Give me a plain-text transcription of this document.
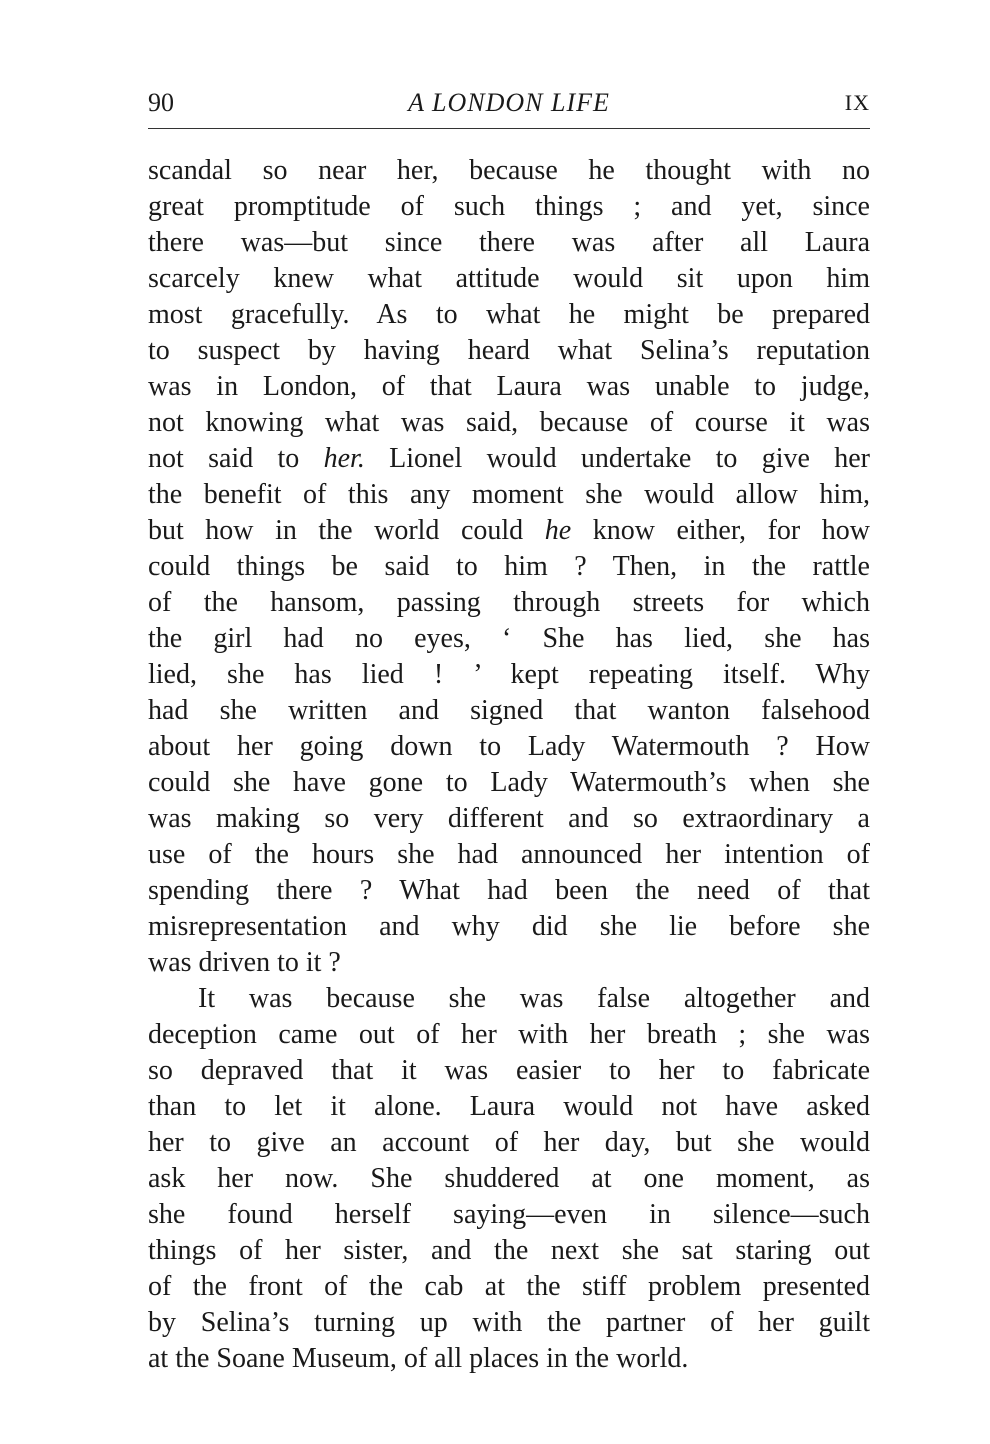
90	A LONDON LIFE	IX
scandal so near her, because he thought with no
great promptitude of such things ; and yet, since
there was—but since there was after all Laura
scarcely knew what attitude would sit upon him
most gracefully. As to what he might be prepared
to suspect by having heard what Selina’s reputation
was in London, of that Laura was unable to judge,
not knowing what was said, because of course it was
not said to her. Lionel would undertake to give her
the benefit of this any moment she would allow him,
but how in the world could he know either, for how
could things be said to him ? Then, in the rattle
of the hansom, passing through streets for which
the girl had no eyes, ‘ She has lied, she has
lied, she has lied ! ’ kept repeating itself. Why
had she written and signed that wanton falsehood
about her going down to Lady Watermouth ? How
could she have gone to Lady Watermouth’s when she
was making so very different and so extraordinary a
use of the hours she had announced her intention of
spending there ? What had been the need of that
misrepresentation and why did she lie before she
was driven to it ?
It was because she was false altogether and
deception came out of her with her breath ; she was
so depraved that it was easier to her to fabricate
than to let it alone. Laura would not have asked
her to give an account of her day, but she would
ask her now. She shuddered at one moment, as
she found herself saying—even in silence—such
things of her sister, and the next she sat staring out
of the front of the cab at the stiff problem presented
by Selina’s turning up with the partner of her guilt
at the Soane Museum, of all places in the world.
